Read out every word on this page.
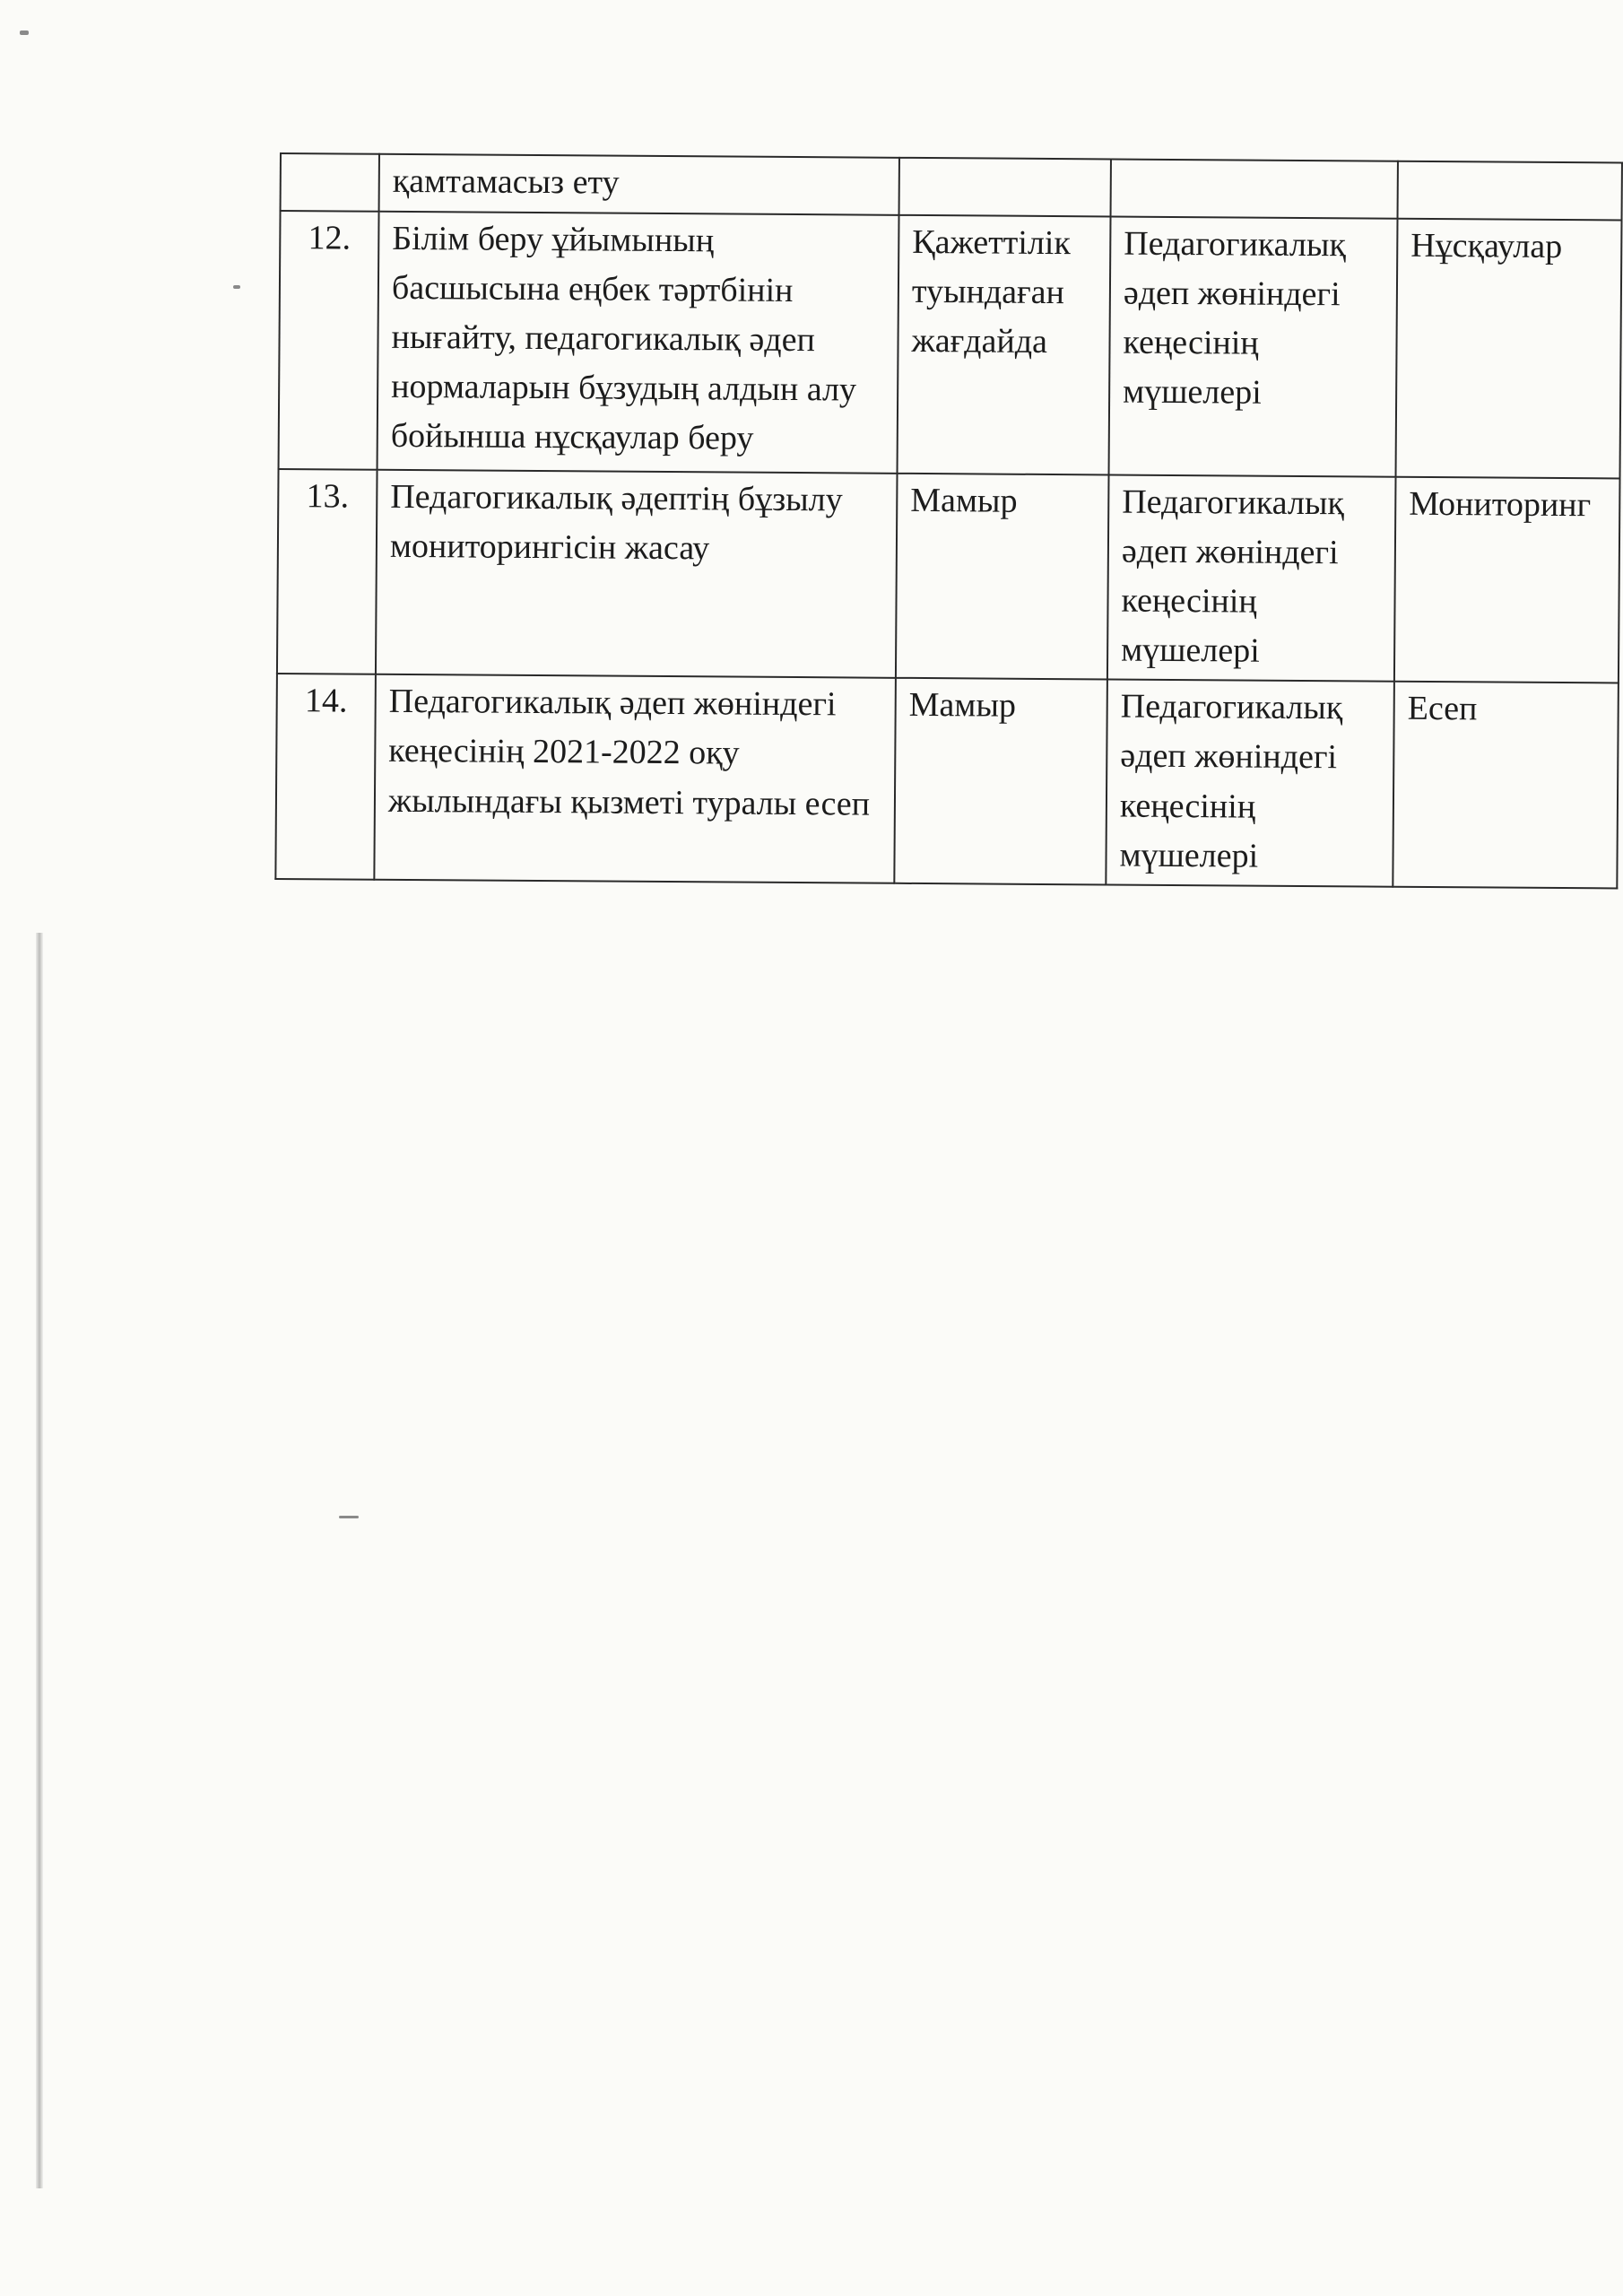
	қамтамасыз ету			
12.	Білім беру ұйымының басшысына еңбек тәртбінін нығайту, педагогикалық әдеп нормаларын бұзудың алдын алу бойынша нұсқаулар беру	Қажеттілік туындаған жағдайда	Педагогикалық әдеп жөніндегі кеңесінің мүшелері	Нұсқаулар
13.	Педагогикалық әдептің бұзылу мониторингісін жасау	Мамыр	Педагогикалық әдеп жөніндегі кеңесінің мүшелері	Мониторинг
14.	Педагогикалық әдеп жөніндегі кеңесінің 2021-2022 оқу жылындағы қызметі туралы есеп	Мамыр	Педагогикалық әдеп жөніндегі кеңесінің мүшелері	Есеп
